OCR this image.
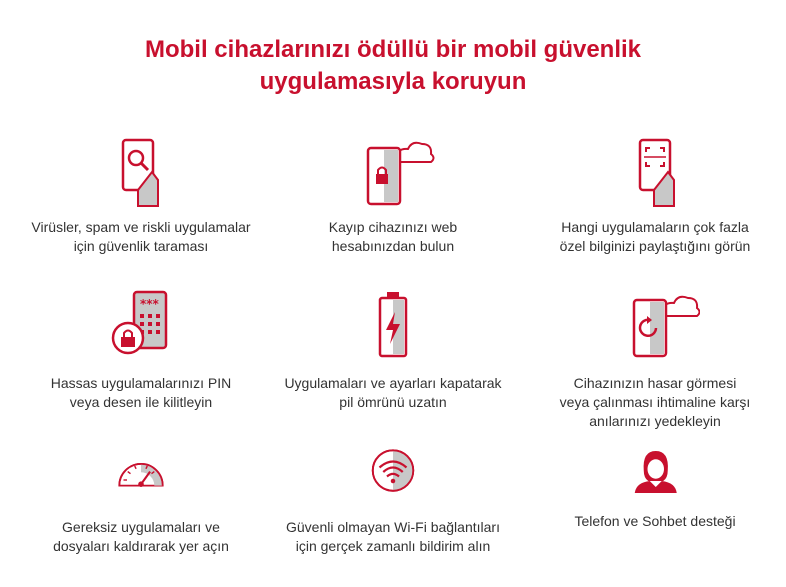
Mobil cihazlarınızı ödüllü bir mobil güvenlik
uygulamasıyla koruyun
Virüsler, spam ve riskli uygulamalar
için güvenlik taraması
Kayıp cihazınızı web
hesabınızdan bulun
Hangi uygulamaların çok fazla
özel bilginizi paylaştığını görün
***
Hassas uygulamalarınızı PIN
veya desen ile kilitleyin
Uygulamaları ve ayarları kapatarak
pil ömrünü uzatın
Cihazınızın hasar görmesi
veya çalınması ihtimaline karşı
anılarınızı yedekleyin
Gereksiz uygulamaları ve
dosyaları kaldırarak yer açın
Güvenli olmayan Wi-Fi bağlantıları
için gerçek zamanlı bildirim alın
Telefon ve Sohbet desteği
